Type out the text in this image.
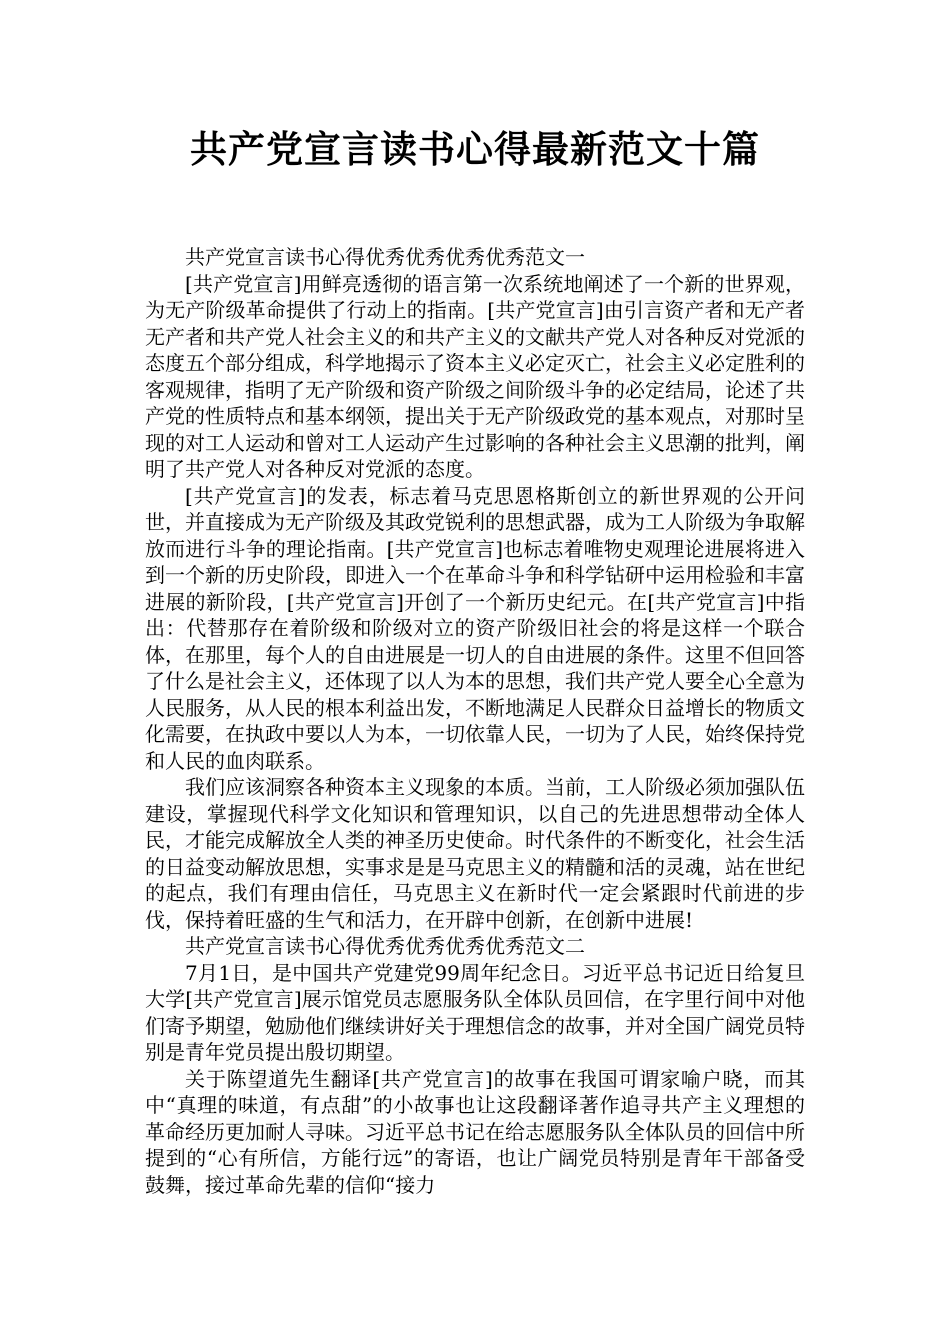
共产党宣言读书心得最新范文十篇

共产党宣言读书心得优秀优秀优秀优秀范文一

[共产党宣言]用鲜亮透彻的语言第一次系统地阐述了一个新的世界观，为无产阶级革命提供了行动上的指南。[共产党宣言]由引言资产者和无产者无产者和共产党人社会主义的和共产主义的文献共产党人对各种反对党派的态度五个部分组成，科学地揭示了资本主义必定灭亡，社会主义必定胜利的客观规律，指明了无产阶级和资产阶级之间阶级斗争的必定结局，论述了共产党的性质特点和基本纲领，提出关于无产阶级政党的基本观点，对那时呈现的对工人运动和曾对工人运动产生过影响的各种社会主义思潮的批判，阐明了共产党人对各种反对党派的态度。

[共产党宣言]的发表，标志着马克思恩格斯创立的新世界观的公开问世，并直接成为无产阶级及其政党锐利的思想武器，成为工人阶级为争取解放而进行斗争的理论指南。[共产党宣言]也标志着唯物史观理论进展将进入到一个新的历史阶段，即进入一个在革命斗争和科学钻研中运用检验和丰富进展的新阶段，[共产党宣言]开创了一个新历史纪元。在[共产党宣言]中指出：代替那存在着阶级和阶级对立的资产阶级旧社会的将是这样一个联合体，在那里，每个人的自由进展是一切人的自由进展的条件。这里不但回答了什么是社会主义，还体现了以人为本的思想，我们共产党人要全心全意为人民服务，从人民的根本利益出发，不断地满足人民群众日益增长的物质文化需要，在执政中要以人为本，一切依靠人民，一切为了人民，始终保持党和人民的血肉联系。

我们应该洞察各种资本主义现象的本质。当前，工人阶级必须加强队伍建设，掌握现代科学文化知识和管理知识，以自己的先进思想带动全体人民，才能完成解放全人类的神圣历史使命。时代条件的不断变化，社会生活的日益变动解放思想，实事求是是马克思主义的精髓和活的灵魂，站在世纪的起点，我们有理由信任，马克思主义在新时代一定会紧跟时代前进的步伐，保持着旺盛的生气和活力，在开辟中创新，在创新中进展!

共产党宣言读书心得优秀优秀优秀优秀范文二

7月1日，是中国共产党建党99周年纪念日。习近平总书记近日给复旦大学[共产党宣言]展示馆党员志愿服务队全体队员回信，在字里行间中对他们寄予期望，勉励他们继续讲好关于理想信念的故事，并对全国广阔党员特别是青年党员提出殷切期望。

关于陈望道先生翻译[共产党宣言]的故事在我国可谓家喻户晓，而其中“真理的味道，有点甜”的小故事也让这段翻译著作追寻共产主义理想的革命经历更加耐人寻味。习近平总书记在给志愿服务队全体队员的回信中所提到的“心有所信，方能行远”的寄语，也让广阔党员特别是青年干部备受鼓舞，接过革命先辈的信仰“接力
